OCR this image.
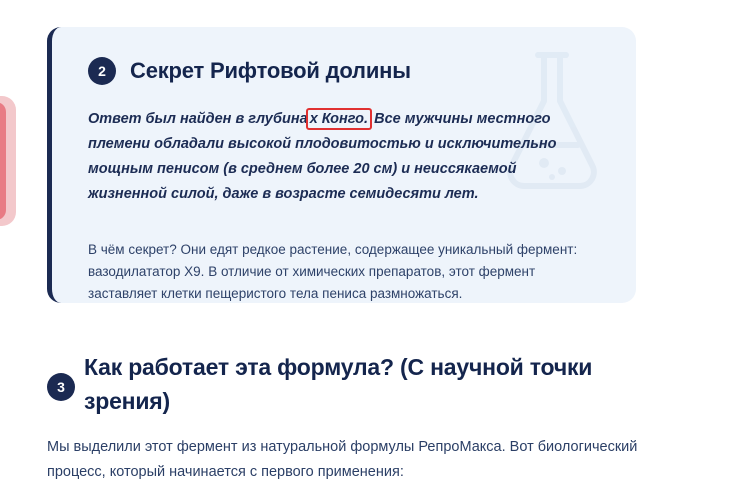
2	Секрет Рифтовой долины
Ответ был найден в глубина х Конго. Все мужчины местного племени обладали высокой плодовитостью и исключительно мощным пенисом (в среднем более 20 см) и неиссякаемой жизненной силой, даже в возрасте семидесяти лет.
В чём секрет? Они едят редкое растение, содержащее уникальный фермент: вазодилататор X9. В отличие от химических препаратов, этот фермент заставляет клетки пещеристого тела пениса размножаться.
3
Как работает эта формула? (С научной точки зрения)
Мы выделили этот фермент из натуральной формулы РепроМакса. Вот биологический процесс, который начинается с первого применения:
